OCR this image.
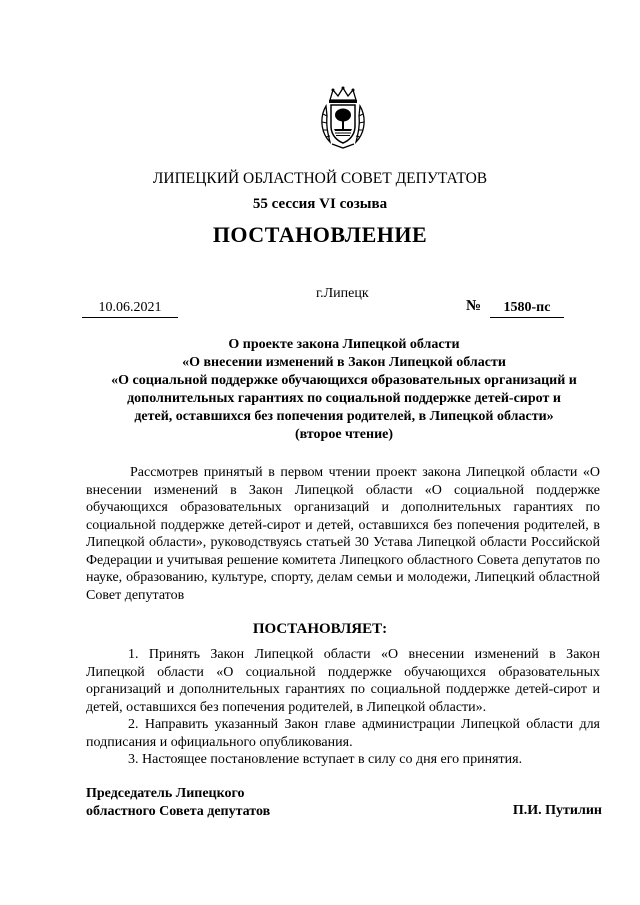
ЛИПЕЦКИЙ ОБЛАСТНОЙ СОВЕТ ДЕПУТАТОВ
55 сессия VI созыва
ПОСТАНОВЛЕНИЕ
г.Липецк
10.06.2021	№	1580-пс
О проекте закона Липецкой области
«О внесении изменений в Закон Липецкой области
«О социальной поддержке обучающихся образовательных организаций и
дополнительных гарантиях по социальной поддержке детей-сирот и
детей, оставшихся без попечения родителей, в Липецкой области»
(второе чтение)
Рассмотрев принятый в первом чтении проект закона Липецкой области «О внесении изменений в Закон Липецкой области «О социальной поддержке обучающихся образовательных организаций и дополнительных гарантиях по социальной поддержке детей-сирот и детей, оставшихся без попечения родителей, в Липецкой области», руководствуясь статьей 30 Устава Липецкой области Российской Федерации и учитывая решение комитета Липецкого областного Совета депутатов по науке, образованию, культуре, спорту, делам семьи и молодежи, Липецкий областной Совет депутатов
ПОСТАНОВЛЯЕТ:

1. Принять Закон Липецкой области «О внесении изменений в Закон Липецкой области «О социальной поддержке обучающихся образовательных организаций и дополнительных гарантиях по социальной поддержке детей-сирот и детей, оставшихся без попечения родителей, в Липецкой области».

2. Направить указанный Закон главе администрации Липецкой области для подписания и официального опубликования.

3. Настоящее постановление вступает в силу со дня его принятия.

Председатель Липецкого
областного Совета депутатов	П.И. Путилин
